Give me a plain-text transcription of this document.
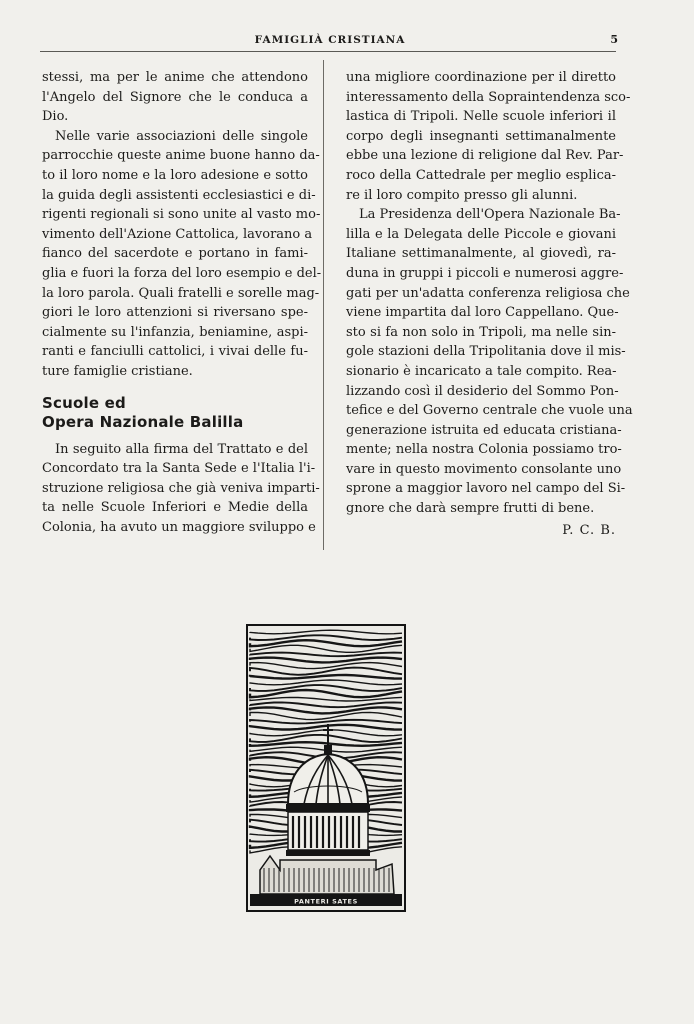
FAMIGLIÀ CRISTIANA	5
stessi, ma per le anime che attendono
l'Angelo del Signore che le conduca a
Dio.
Nelle varie associazioni delle singole
parrocchie queste anime buone hanno da-
to il loro nome e la loro adesione e sotto
la guida degli assistenti ecclesiastici e di-
rigenti regionali si sono unite al vasto mo-
vimento dell'Azione Cattolica, lavorano a
fianco del sacerdote e portano in fami-
glia e fuori la forza del loro esempio e del-
la loro parola. Quali fratelli e sorelle mag-
giori le loro attenzioni si riversano spe-
cialmente su l'infanzia, beniamine, aspi-
ranti e fanciulli cattolici, i vivai delle fu-
ture famiglie cristiane.
Scuole ed
Opera Nazionale Balilla
In seguito alla firma del Trattato e del
Concordato tra la Santa Sede e l'Italia l'i-
struzione religiosa che già veniva imparti-
ta nelle Scuole Inferiori e Medie della
Colonia, ha avuto un maggiore sviluppo e
una migliore coordinazione per il diretto
interessamento della Sopraintendenza sco-
lastica di Tripoli. Nelle scuole inferiori il
corpo degli insegnanti settimanalmente
ebbe una lezione di religione dal Rev. Par-
roco della Cattedrale per meglio esplica-
re il loro compito presso gli alunni.
La Presidenza dell'Opera Nazionale Ba-
lilla e la Delegata delle Piccole e giovani
Italiane settimanalmente, al giovedì, ra-
duna in gruppi i piccoli e numerosi aggre-
gati per un'adatta conferenza religiosa che
viene impartita dal loro Cappellano. Que-
sto si fa non solo in Tripoli, ma nelle sin-
gole stazioni della Tripolitania dove il mis-
sionario è incaricato a tale compito. Rea-
lizzando così il desiderio del Sommo Pon-
tefice e del Governo centrale che vuole una
generazione istruita ed educata cristiana-
mente; nella nostra Colonia possiamo tro-
vare in questo movimento consolante uno
sprone a maggior lavoro nel campo del Si-
gnore che darà sempre frutti di bene.
P. C. B.
PANTERI SATES
